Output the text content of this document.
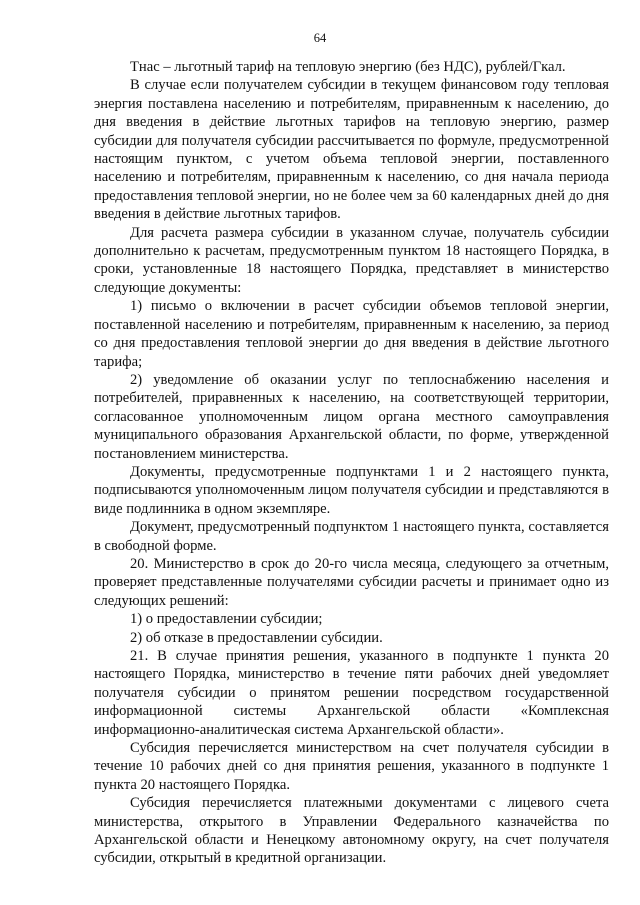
64

Тнас – льготный тариф на тепловую энергию (без НДС), рублей/Гкал.

В случае если получателем субсидии в текущем финансовом году тепловая энергия поставлена населению и потребителям, приравненным к населению, до дня введения в действие льготных тарифов на тепловую энергию, размер субсидии для получателя субсидии рассчитывается по формуле, предусмотренной настоящим пунктом, с учетом объема тепловой энергии, поставленного населению и потребителям, приравненным к населению, со дня начала периода предоставления тепловой энергии, но не более чем за 60 календарных дней до дня введения в действие льготных тарифов.

Для расчета размера субсидии в указанном случае, получатель субсидии дополнительно к расчетам, предусмотренным пунктом 18 настоящего Порядка, в сроки, установленные 18 настоящего Порядка, представляет в министерство следующие документы:

1) письмо о включении в расчет субсидии объемов тепловой энергии, поставленной населению и потребителям, приравненным к населению, за период со дня предоставления тепловой энергии до дня введения в действие льготного тарифа;

2) уведомление об оказании услуг по теплоснабжению населения и потребителей, приравненных к населению, на соответствующей территории, согласованное уполномоченным лицом органа местного самоуправления муниципального образования Архангельской области, по форме, утвержденной постановлением министерства.

Документы, предусмотренные подпунктами 1 и 2 настоящего пункта, подписываются уполномоченным лицом получателя субсидии и представляются в виде подлинника в одном экземпляре.

Документ, предусмотренный подпунктом 1 настоящего пункта, составляется в свободной форме.

20. Министерство в срок до 20-го числа месяца, следующего за отчетным, проверяет представленные получателями субсидии расчеты и принимает одно из следующих решений:

1) о предоставлении субсидии;

2) об отказе в предоставлении субсидии.

21. В случае принятия решения, указанного в подпункте 1 пункта 20 настоящего Порядка, министерство в течение пяти рабочих дней уведомляет получателя субсидии о принятом решении посредством государственной информационной системы Архангельской области «Комплексная информационно-аналитическая система Архангельской области».

Субсидия перечисляется министерством на счет получателя субсидии в течение 10 рабочих дней со дня принятия решения, указанного в подпункте 1 пункта 20 настоящего Порядка.

Субсидия перечисляется платежными документами с лицевого счета министерства, открытого в Управлении Федерального казначейства по Архангельской области и Ненецкому автономному округу, на счет получателя субсидии, открытый в кредитной организации.
